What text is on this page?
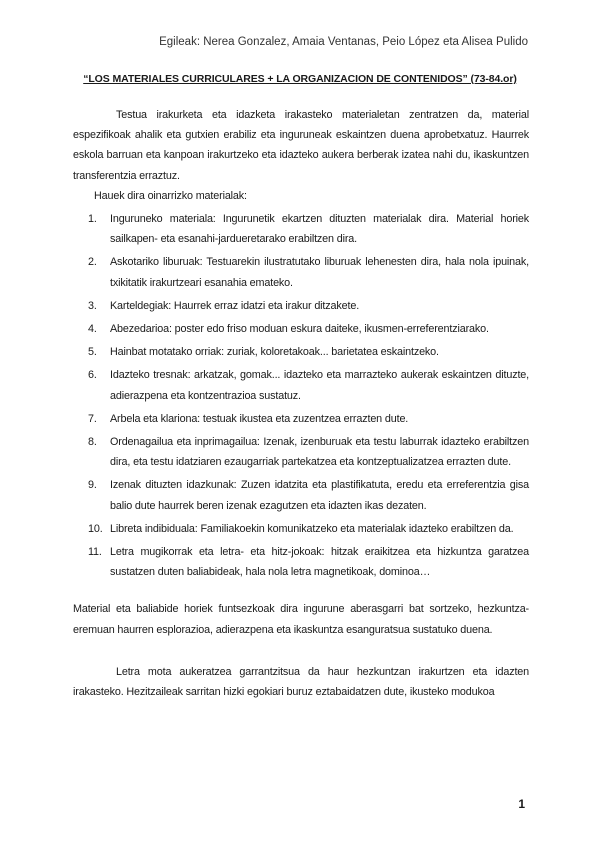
Egileak: Nerea Gonzalez, Amaia Ventanas, Peio López eta Alisea Pulido
“LOS MATERIALES CURRICULARES + LA ORGANIZACION DE CONTENIDOS” (73-84.or)

Testua irakurketa eta idazketa irakasteko materialetan zentratzen da, material espezifikoak ahalik eta gutxien erabiliz eta inguruneak eskaintzen duena aprobetxatuz. Haurrek eskola barruan eta kanpoan irakurtzeko eta idazteko aukera berberak izatea nahi du, ikaskuntzen transferentzia erraztuz.

Hauek dira oinarrizko materialak:

1.	Inguruneko materiala: Ingurunetik ekartzen dituzten materialak dira. Material horiek sailkapen- eta esanahi-jardueretarako erabiltzen dira.
2.	Askotariko liburuak: Testuarekin ilustratutako liburuak lehenesten dira, hala nola ipuinak, txikitatik irakurtzeari esanahia emateko.
3.	Karteldegiak: Haurrek erraz idatzi eta irakur ditzakete.
4.	Abezedarioa: poster edo friso moduan eskura daiteke, ikusmen-erreferentziarako.
5.	Hainbat motatako orriak: zuriak, koloretakoak... barietatea eskaintzeko.
6.	Idazteko tresnak: arkatzak, gomak... idazteko eta marrazteko aukerak eskaintzen dituzte, adierazpena eta kontzentrazioa sustatuz.
7.	Arbela eta klariona: testuak ikustea eta zuzentzea errazten dute.
8.	Ordenagailua eta inprimagailua: Izenak, izenburuak eta testu laburrak idazteko erabiltzen dira, eta testu idatziaren ezaugarriak partekatzea eta kontzeptualizatzea errazten dute.
9.	Izenak dituzten idazkunak: Zuzen idatzita eta plastifikatuta, eredu eta erreferentzia gisa balio dute haurrek beren izenak ezagutzen eta idazten ikas dezaten.
10. Libreta indibiduala: Familiakoekin komunikatzeko eta materialak idazteko erabiltzen da.
11. Letra mugikorrak eta letra- eta hitz-jokoak: hitzak eraikitzea eta hizkuntza garatzea sustatzen duten baliabideak, hala nola letra magnetikoak, dominoa…

Material eta baliabide horiek funtsezkoak dira ingurune aberasgarri bat sortzeko, hezkuntza-eremuan haurren esplorazioa, adierazpena eta ikaskuntza esanguratsua sustatuko duena.

Letra mota aukeratzea garrantzitsua da haur hezkuntzan irakurtzen eta idazten irakasteko. Hezitzaileak sarritan hizki egokiari buruz eztabaidatzen dute, ikusteko modukoa

1
